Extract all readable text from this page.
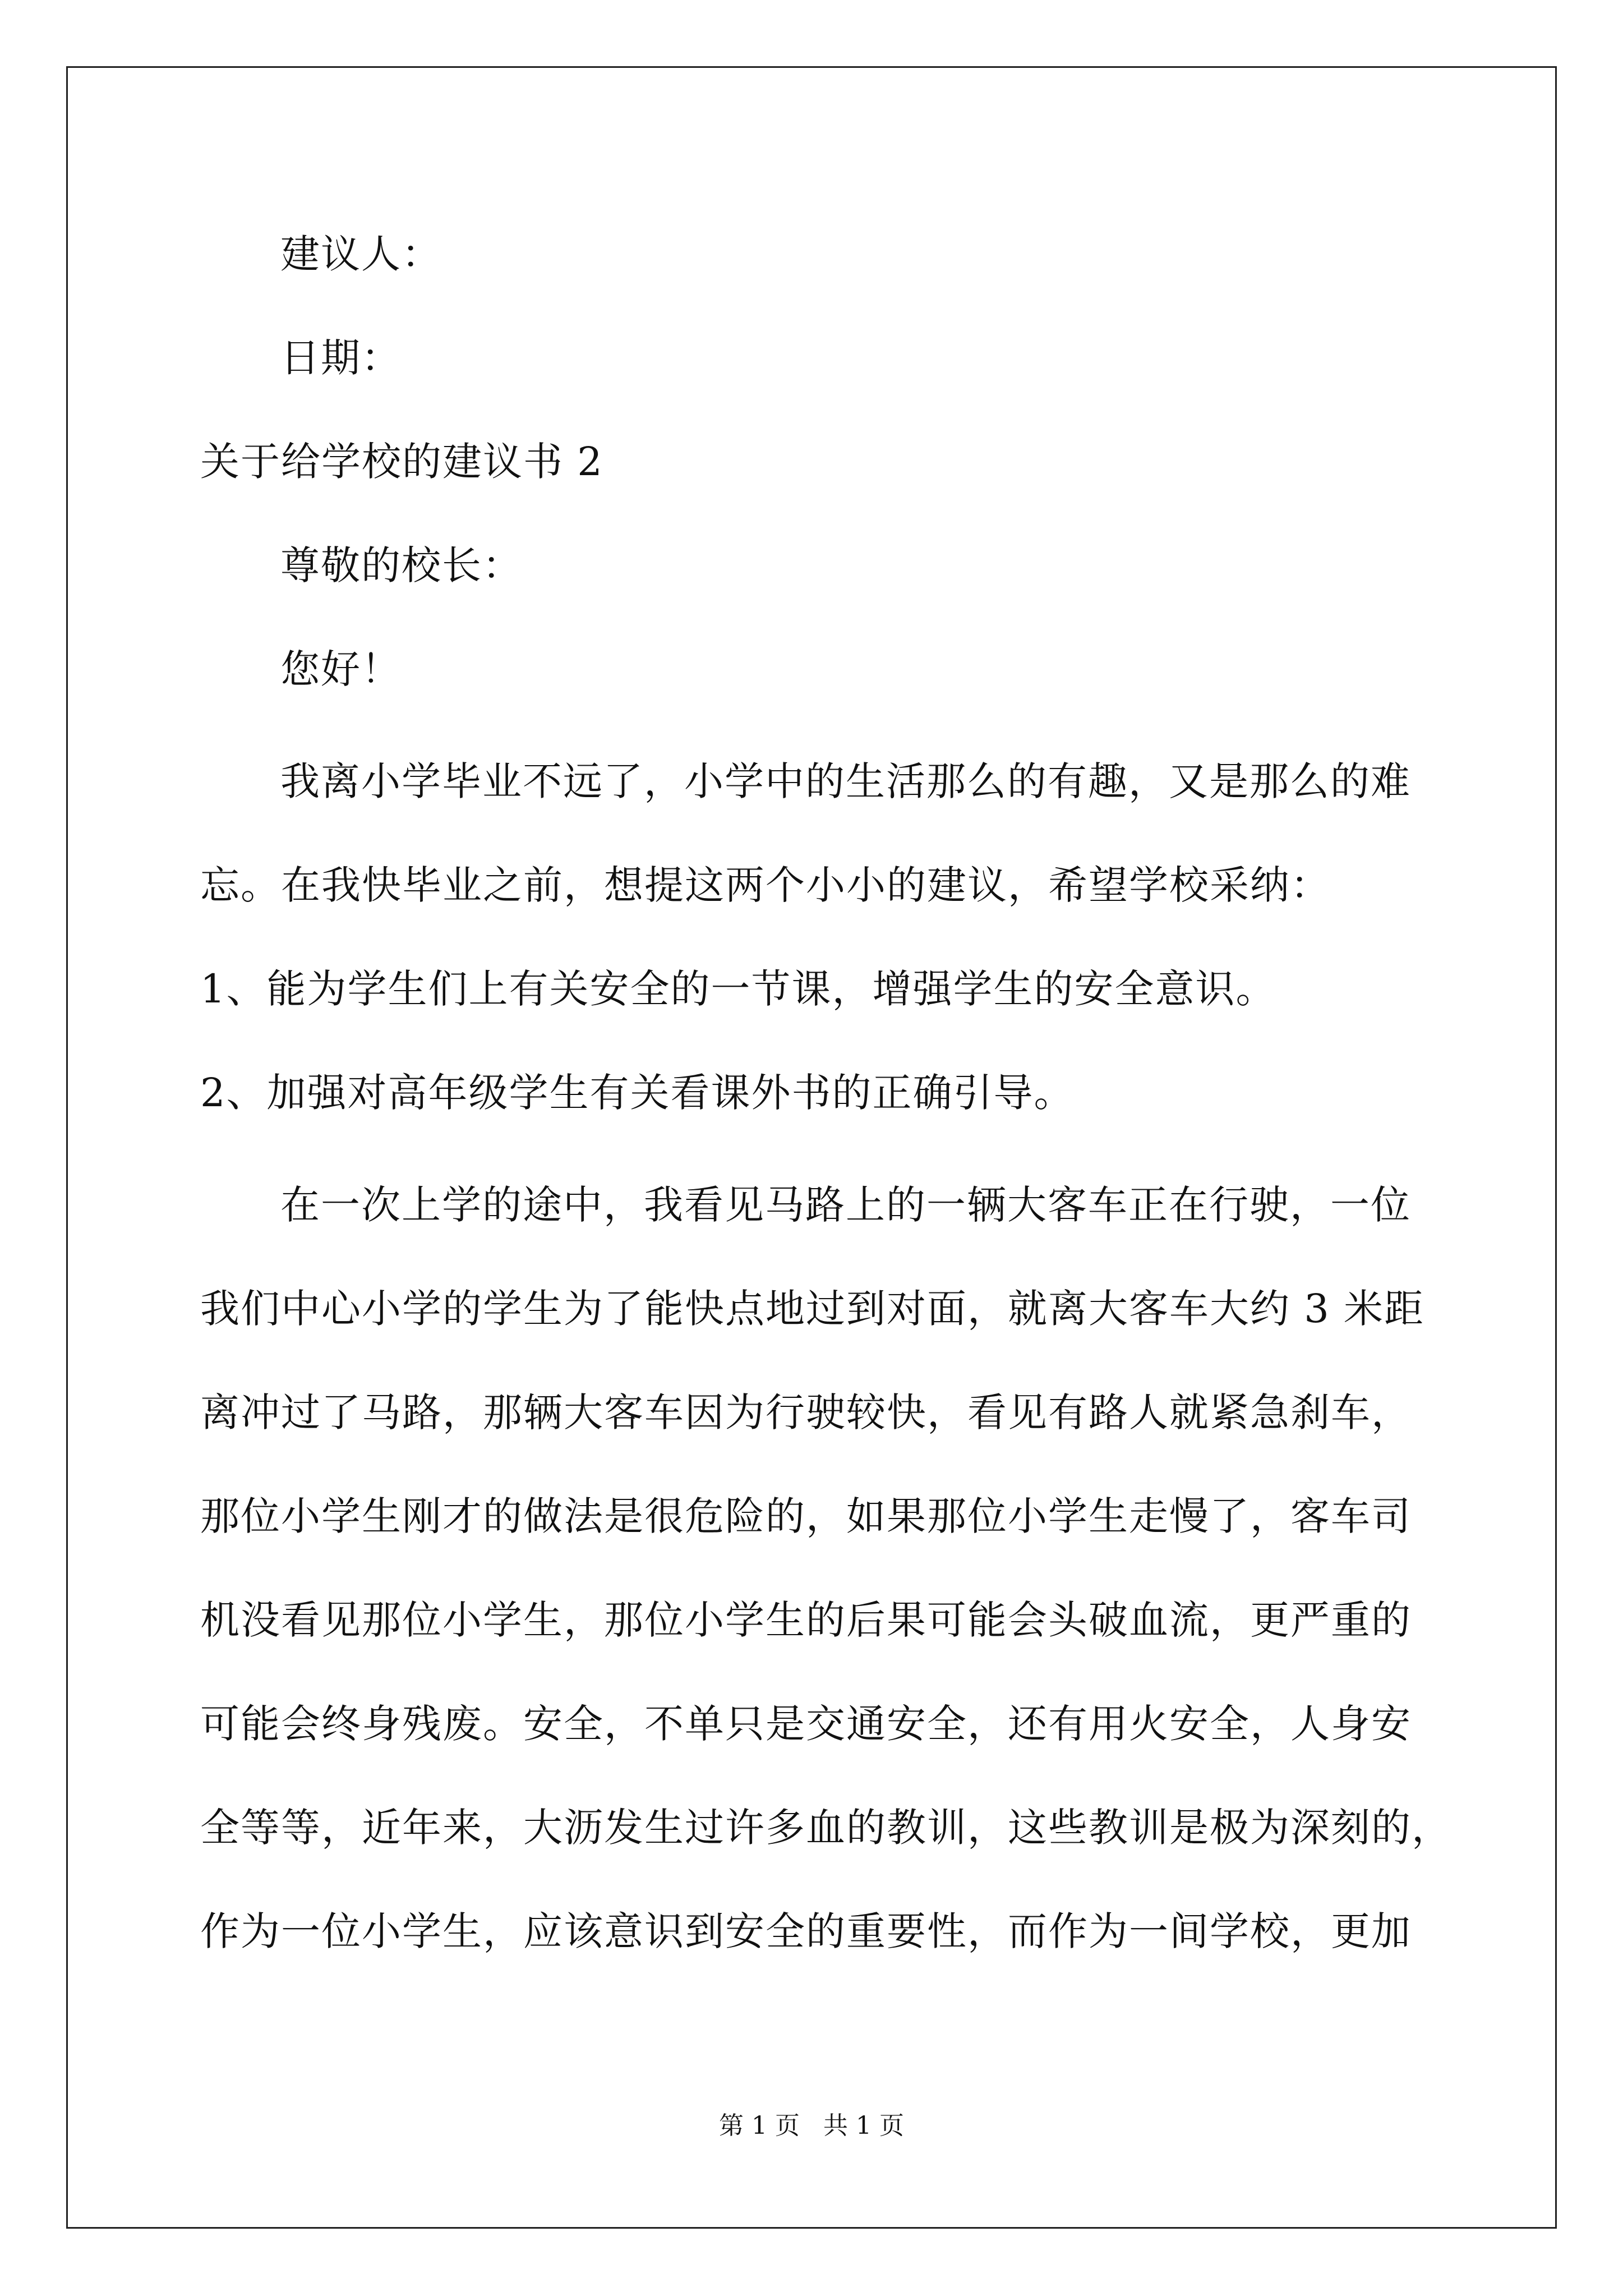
建议人：
日期：
关于给学校的建议书 2
尊敬的校长：
您好！
我离小学毕业不远了，小学中的生活那么的有趣，又是那么的难
忘。在我快毕业之前，想提这两个小小的建议，希望学校采纳：
1、能为学生们上有关安全的一节课，增强学生的安全意识。
2、加强对高年级学生有关看课外书的正确引导。
在一次上学的途中，我看见马路上的一辆大客车正在行驶，一位
我们中心小学的学生为了能快点地过到对面，就离大客车大约 3 米距
离冲过了马路，那辆大客车因为行驶较快，看见有路人就紧急刹车，
那位小学生刚才的做法是很危险的，如果那位小学生走慢了，客车司
机没看见那位小学生，那位小学生的后果可能会头破血流，更严重的
可能会终身残废。安全，不单只是交通安全，还有用火安全，人身安
全等等，近年来，大沥发生过许多血的教训，这些教训是极为深刻的，
作为一位小学生，应该意识到安全的重要性，而作为一间学校，更加
第 1 页   共 1 页
